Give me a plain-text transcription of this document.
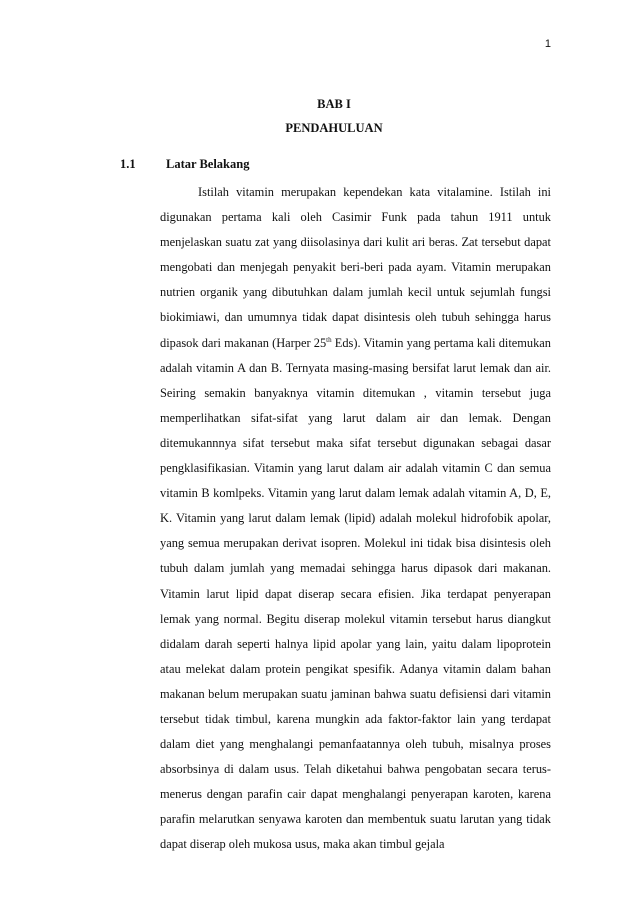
1
BAB I
PENDAHULUAN
1.1 Latar Belakang

Istilah vitamin merupakan kependekan kata vitalamine. Istilah ini digunakan pertama kali oleh Casimir Funk pada tahun 1911 untuk menjelaskan suatu zat yang diisolasinya dari kulit ari beras. Zat tersebut dapat mengobati dan menjegah penyakit beri-beri pada ayam. Vitamin merupakan nutrien organik yang dibutuhkan dalam jumlah kecil untuk sejumlah fungsi biokimiawi, dan umumnya tidak dapat disintesis oleh tubuh sehingga harus dipasok dari makanan (Harper 25th Eds). Vitamin yang pertama kali ditemukan adalah vitamin A dan B. Ternyata masing-masing bersifat larut lemak dan air. Seiring semakin banyaknya vitamin ditemukan , vitamin tersebut juga memperlihatkan sifat-sifat yang larut dalam air dan lemak. Dengan ditemukannnya sifat tersebut maka sifat tersebut digunakan sebagai dasar pengklasifikasian. Vitamin yang larut dalam air adalah vitamin C dan semua vitamin B komlpeks. Vitamin yang larut dalam lemak adalah vitamin A, D, E, K. Vitamin yang larut dalam lemak (lipid) adalah molekul hidrofobik apolar, yang semua merupakan derivat isopren. Molekul ini tidak bisa disintesis oleh tubuh dalam jumlah yang memadai sehingga harus dipasok dari makanan. Vitamin larut lipid dapat diserap secara efisien. Jika terdapat penyerapan lemak yang normal. Begitu diserap molekul vitamin tersebut harus diangkut didalam darah seperti halnya lipid apolar yang lain, yaitu dalam lipoprotein atau melekat dalam protein pengikat spesifik. Adanya vitamin dalam bahan makanan belum merupakan suatu jaminan bahwa suatu defisiensi dari vitamin tersebut tidak timbul, karena mungkin ada faktor-faktor lain yang terdapat dalam diet yang menghalangi pemanfaatannya oleh tubuh, misalnya proses absorbsinya di dalam usus. Telah diketahui bahwa pengobatan secara terus-menerus dengan parafin cair dapat menghalangi penyerapan karoten, karena parafin melarutkan senyawa karoten dan membentuk suatu larutan yang tidak dapat diserap oleh mukosa usus, maka akan timbul gejala
